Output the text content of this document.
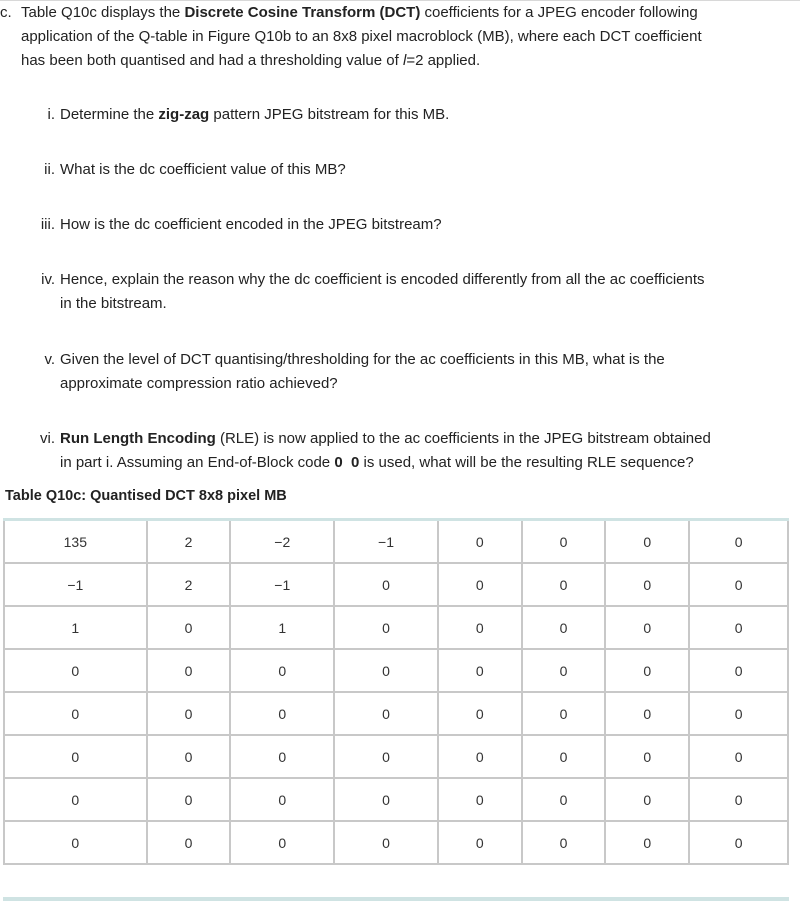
c. Table Q10c displays the Discrete Cosine Transform (DCT) coefficients for a JPEG encoder following
application of the Q-table in Figure Q10b to an 8x8 pixel macroblock (MB), where each DCT coefficient
has been both quantised and had a thresholding value of l=2 applied.
i. Determine the zig-zag pattern JPEG bitstream for this MB.
ii. What is the dc coefficient value of this MB?
iii. How is the dc coefficient encoded in the JPEG bitstream?
iv. Hence, explain the reason why the dc coefficient is encoded differently from all the ac coefficients
in the bitstream.
v. Given the level of DCT quantising/thresholding for the ac coefficients in this MB, what is the
approximate compression ratio achieved?
vi. Run Length Encoding (RLE) is now applied to the ac coefficients in the JPEG bitstream obtained
in part i. Assuming an End-of-Block code 0  0 is used, what will be the resulting RLE sequence?
Table Q10c: Quantised DCT 8x8 pixel MB
135	2	−2	−1	0	0	0	0
−1	2	−1	0	0	0	0	0
1	0	1	0	0	0	0	0
0	0	0	0	0	0	0	0
0	0	0	0	0	0	0	0
0	0	0	0	0	0	0	0
0	0	0	0	0	0	0	0
0	0	0	0	0	0	0	0
